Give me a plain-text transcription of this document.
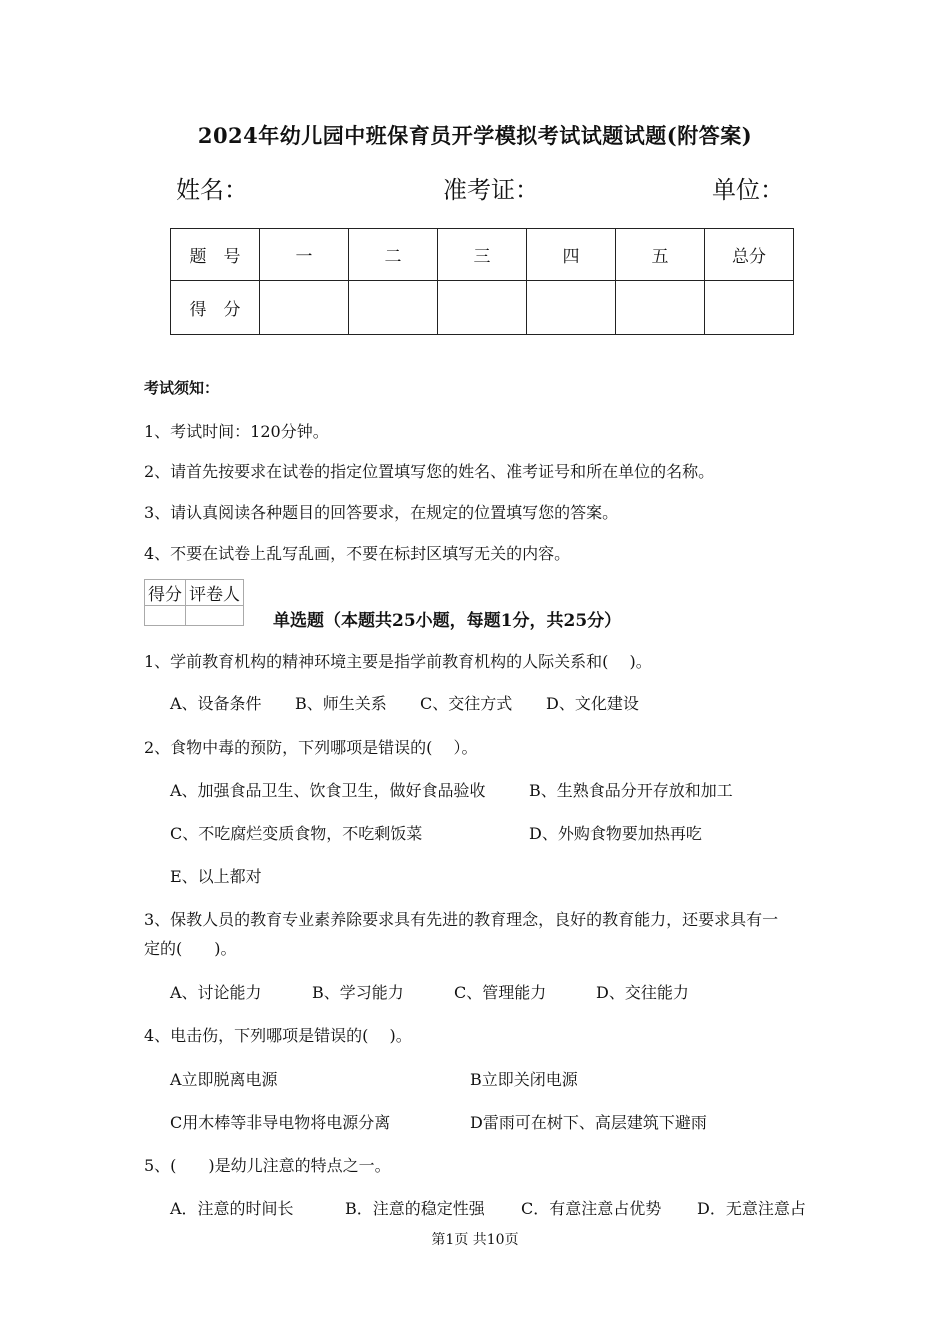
2024年幼儿园中班保育员开学模拟考试试题试题(附答案)
姓名：	准考证：	单位：
题　号	一	二	三	四	五	总分
得　分						
考试须知：
1、考试时间：120分钟。
2、请首先按要求在试卷的指定位置填写您的姓名、准考证号和所在单位的名称。
3、请认真阅读各种题目的回答要求，在规定的位置填写您的答案。
4、不要在试卷上乱写乱画，不要在标封区填写无关的内容。
得分	评卷人

单选题（本题共25小题，每题1分，共25分）
1、学前教育机构的精神环境主要是指学前教育机构的人际关系和(　 )。
A、设备条件 B、师生关系 C、交往方式 D、文化建设
2、食物中毒的预防，下列哪项是错误的(　 ）。
A、加强食品卫生、饮食卫生，做好食品验收	B、生熟食品分开存放和加工
C、不吃腐烂变质食物，不吃剩饭菜	D、外购食物要加热再吃
E、以上都对
3、保教人员的教育专业素养除要求具有先进的教育理念，良好的教育能力，还要求具有一
定的(　　)。
A、讨论能力	B、学习能力	C、管理能力	D、交往能力
4、电击伤，下列哪项是错误的(　 )。
A立即脱离电源	B立即关闭电源
C用木棒等非导电物将电源分离	D雷雨可在树下、高层建筑下避雨
5、(　　)是幼儿注意的特点之一。
A．注意的时间长	B．注意的稳定性强 C．有意注意占优势 D．无意注意占
第1页 共10页
